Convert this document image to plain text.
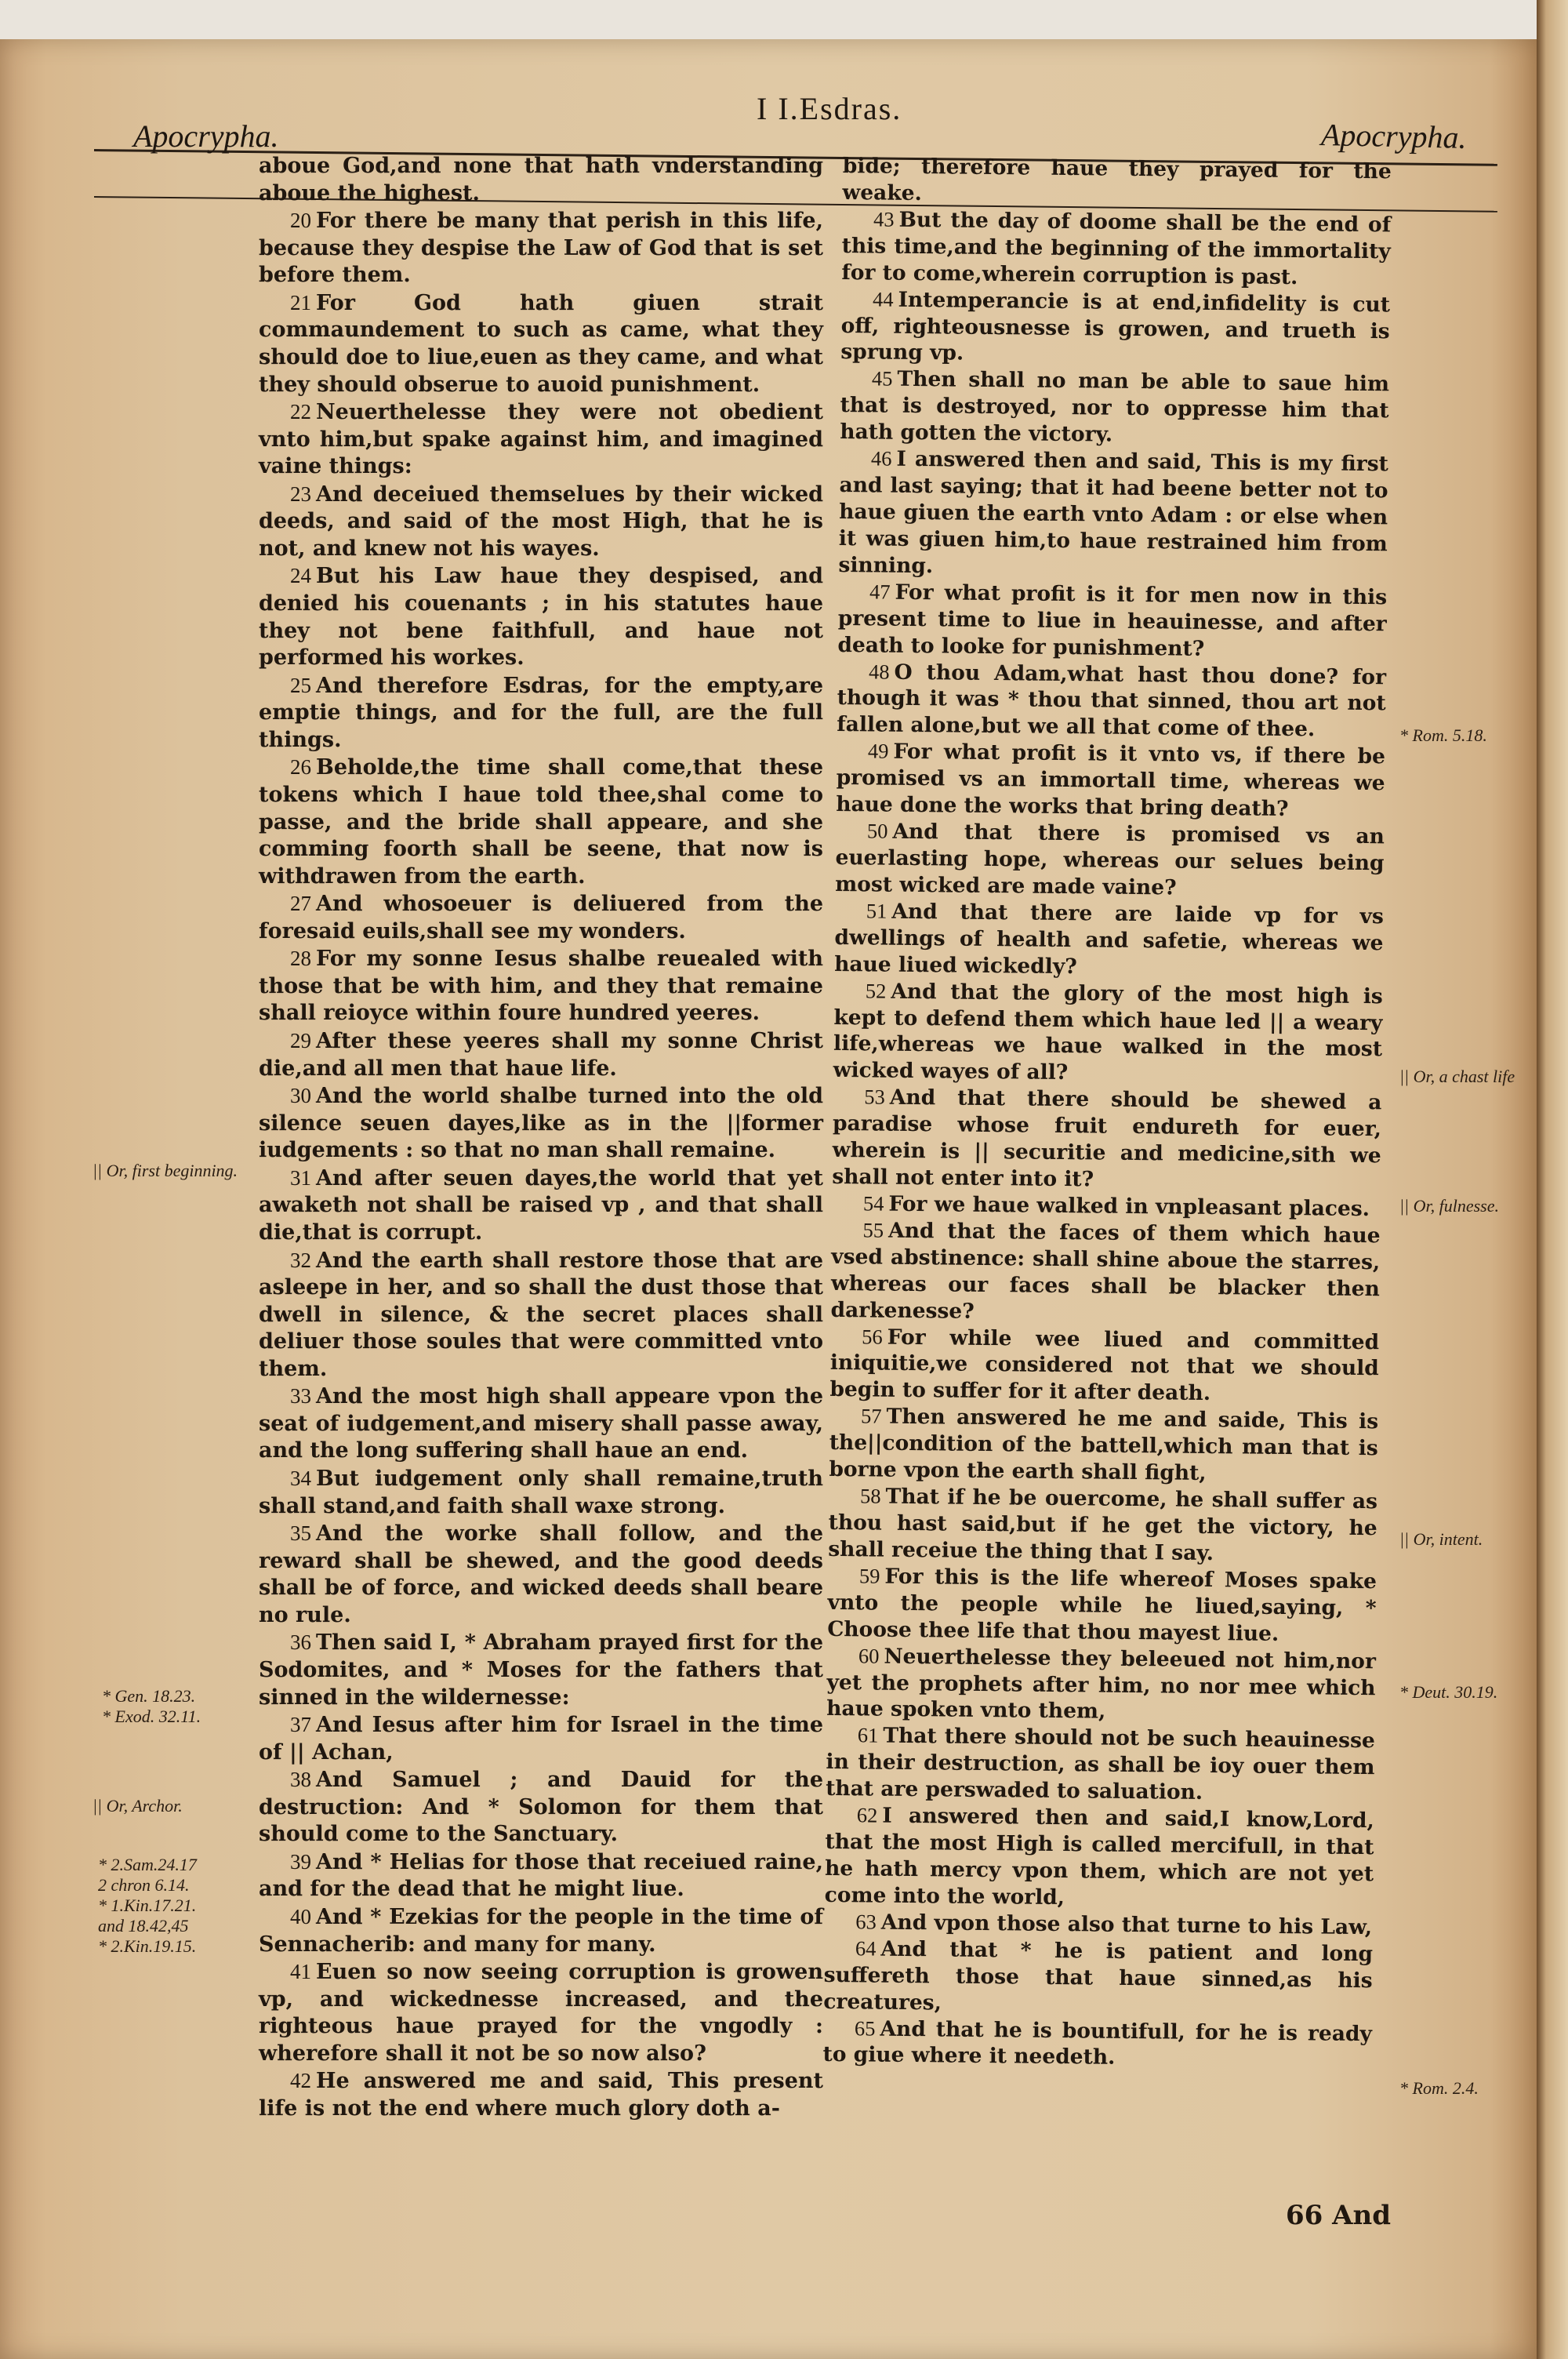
Apocrypha.
I I.Esdras.
Apocrypha.

aboue God,and none that hath vnderstanding aboue the highest.

20 For there be many that perish in this life, because they despise the Law of God that is set before them.

21 For God hath giuen strait commaundement to such as came, what they should doe to liue,euen as they came, and what they should obserue to auoid punishment.

22 Neuerthelesse they were not obedient vnto him,but spake against him, and imagined vaine things:

23 And deceiued themselues by their wicked deeds, and said of the most High, that he is not, and knew not his wayes.

24 But his Law haue they despised, and denied his couenants ; in his statutes haue they not bene faithfull, and haue not performed his workes.

25 And therefore Esdras, for the empty,are emptie things, and for the full, are the full things.

26 Beholde,the time shall come,that these tokens which I haue told thee,shal come to passe, and the bride shall appeare, and she comming foorth shall be seene, that now is withdrawen from the earth.

27 And whosoeuer is deliuered from the foresaid euils,shall see my wonders.

28 For my sonne Iesus shalbe reuealed with those that be with him, and they that remaine shall reioyce within foure hundred yeeres.

29 After these yeeres shall my sonne Christ die,and all men that haue life.

30 And the world shalbe turned into the old silence seuen dayes,like as in the ||former iudgements : so that no man shall remaine.

31 And after seuen dayes,the world that yet awaketh not shall be raised vp , and that shall die,that is corrupt.

32 And the earth shall restore those that are asleepe in her, and so shall the dust those that dwell in silence, & the secret places shall deliuer those soules that were committed vnto them.

33 And the most high shall appeare vpon the seat of iudgement,and misery shall passe away, and the long suffering shall haue an end.

34 But iudgement only shall remaine,truth shall stand,and faith shall waxe strong.

35 And the worke shall follow, and the reward shall be shewed, and the good deeds shall be of force, and wicked deeds shall beare no rule.

36 Then said I, * Abraham prayed first for the Sodomites, and * Moses for the fathers that sinned in the wildernesse:

37 And Iesus after him for Israel in the time of || Achan,

38 And Samuel ; and Dauid for the destruction: And * Solomon for them that should come to the Sanctuary.

39 And * Helias for those that receiued raine, and for the dead that he might liue.

40 And * Ezekias for the people in the time of Sennacherib: and many for many.

41 Euen so now seeing corruption is growen vp, and wickednesse increased, and the righteous haue prayed for the vngodly : wherefore shall it not be so now also?

42 He answered me and said, This present life is not the end where much glory doth a-

bide; therefore haue they prayed for the weake.

43 But the day of doome shall be the end of this time,and the beginning of the immortality for to come,wherein corruption is past.

44 Intemperancie is at end,infidelity is cut off, righteousnesse is growen, and trueth is sprung vp.

45 Then shall no man be able to saue him that is destroyed, nor to oppresse him that hath gotten the victory.

46 I answered then and said, This is my first and last saying; that it had beene better not to haue giuen the earth vnto Adam : or else when it was giuen him,to haue restrained him from sinning.

47 For what profit is it for men now in this present time to liue in heauinesse, and after death to looke for punishment?

48 O thou Adam,what hast thou done? for though it was * thou that sinned, thou art not fallen alone,but we all that come of thee.

49 For what profit is it vnto vs, if there be promised vs an immortall time, whereas we haue done the works that bring death?

50 And that there is promised vs an euerlasting hope, whereas our selues being most wicked are made vaine?

51 And that there are laide vp for vs dwellings of health and safetie, whereas we haue liued wickedly?

52 And that the glory of the most high is kept to defend them which haue led || a weary life,whereas we haue walked in the most wicked wayes of all?

53 And that there should be shewed a paradise whose fruit endureth for euer, wherein is || securitie and medicine,sith we shall not enter into it?

54 For we haue walked in vnpleasant places.

55 And that the faces of them which haue vsed abstinence: shall shine aboue the starres, whereas our faces shall be blacker then darkenesse?

56 For while wee liued and committed iniquitie,we considered not that we should begin to suffer for it after death.

57 Then answered he me and saide, This is the||condition of the battell,which man that is borne vpon the earth shall fight,

58 That if he be ouercome, he shall suffer as thou hast said,but if he get the victory, he shall receiue the thing that I say.

59 For this is the life whereof Moses spake vnto the people while he liued,saying, * Choose thee life that thou mayest liue.

60 Neuerthelesse they beleeued not him,nor yet the prophets after him, no nor mee which haue spoken vnto them,

61 That there should not be such heauinesse in their destruction, as shall be ioy ouer them that are perswaded to saluation.

62 I answered then and said,I know,Lord, that the most High is called mercifull, in that he hath mercy vpon them, which are not yet come into the world,

63 And vpon those also that turne to his Law,

64 And that * he is patient and long suffereth those that haue sinned,as his creatures,

65 And that he is bountifull, for he is ready to giue where it needeth.

|| Or, first beginning.
* Gen. 18.23.
* Exod. 32.11.
|| Or, Archor.
* 2.Sam.24.17
2 chron 6.14.
* 1.Kin.17.21.
and 18.42,45
* 2.Kin.19.15.
* Rom. 5.18.
|| Or, a chast life
|| Or, fulnesse.
|| Or, intent.
* Deut. 30.19.
* Rom. 2.4.
66 And
